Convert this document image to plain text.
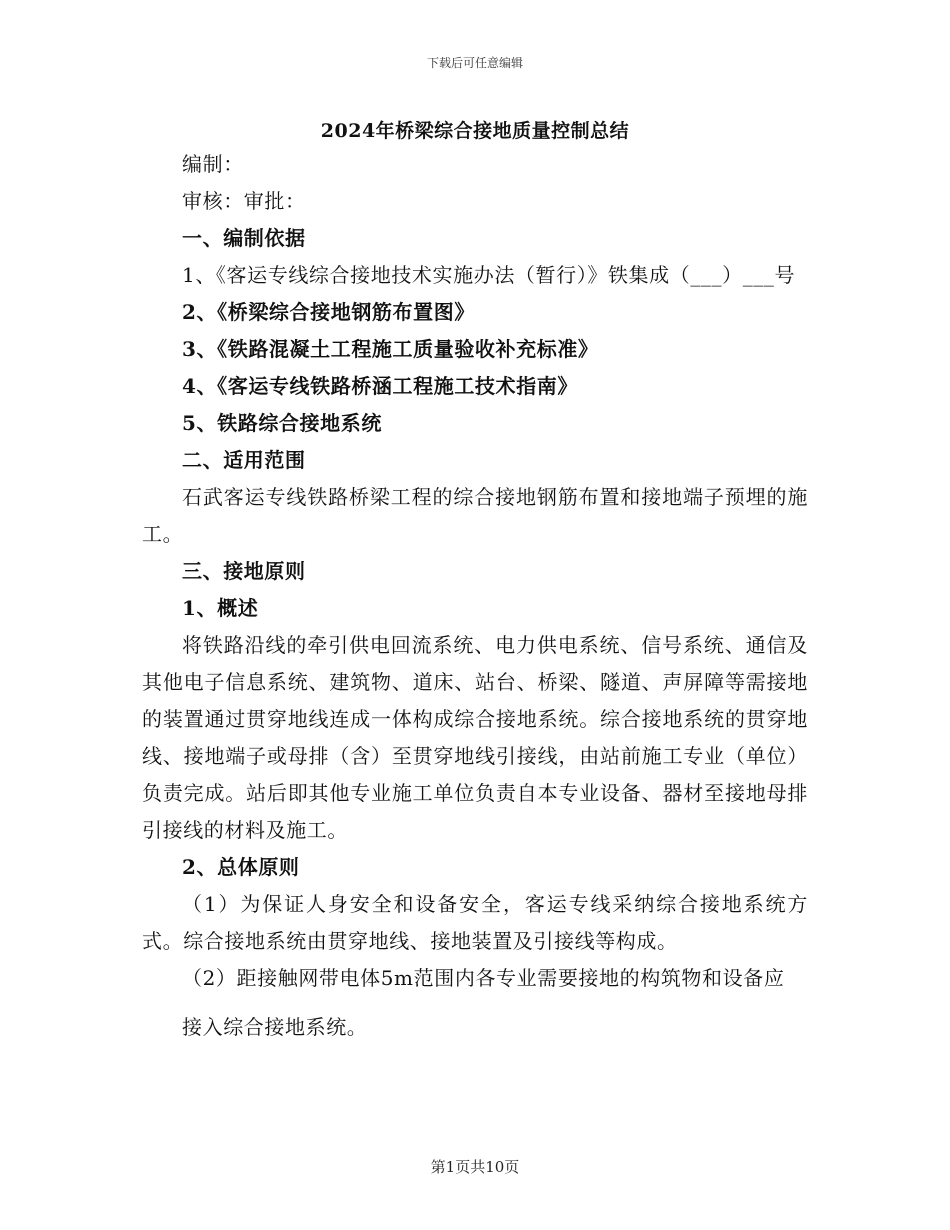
下载后可任意编辑
2024年桥梁综合接地质量控制总结

编制：

审核：审批：

一、编制依据

1、《客运专线综合接地技术实施办法（暂行）》铁集成（___）___号

2、《桥梁综合接地钢筋布置图》

3、《铁路混凝土工程施工质量验收补充标准》

4、《客运专线铁路桥涵工程施工技术指南》

5、铁路综合接地系统

二、适用范围

石武客运专线铁路桥梁工程的综合接地钢筋布置和接地端子预埋的施工。

三、接地原则

1、概述

将铁路沿线的牵引供电回流系统、电力供电系统、信号系统、通信及其他电子信息系统、建筑物、道床、站台、桥梁、隧道、声屏障等需接地的装置通过贯穿地线连成一体构成综合接地系统。综合接地系统的贯穿地线、接地端子或母排（含）至贯穿地线引接线，由站前施工专业（单位）负责完成。站后即其他专业施工单位负责自本专业设备、器材至接地母排引接线的材料及施工。

2、总体原则

（1）为保证人身安全和设备安全，客运专线采纳综合接地系统方式。综合接地系统由贯穿地线、接地装置及引接线等构成。

（2）距接触网带电体5m范围内各专业需要接地的构筑物和设备应

接入综合接地系统。

第1页共10页
